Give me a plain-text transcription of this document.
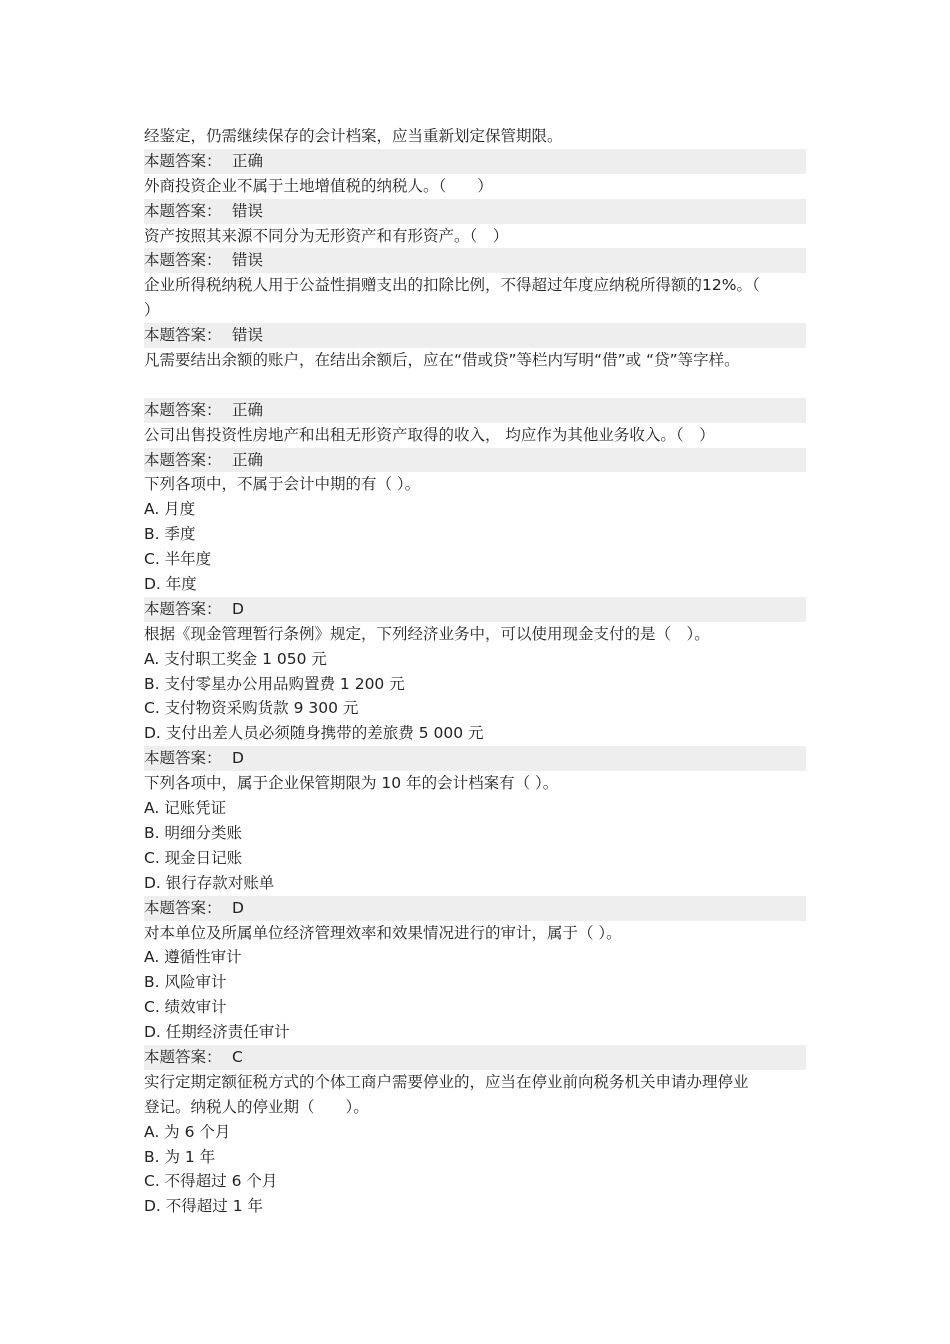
经鉴定，仍需继续保存的会计档案，应当重新划定保管期限。
本题答案： 正确
外商投资企业不属于土地增值税的纳税人。（　　）
本题答案： 错误
资产按照其来源不同分为无形资产和有形资产。（　）
本题答案： 错误
企业所得税纳税人用于公益性捐赠支出的扣除比例，不得超过年度应纳税所得额的12%。（
）
本题答案： 错误
凡需要结出余额的账户，在结出余额后，应在“借或贷”等栏内写明“借”或 “贷”等字样。
本题答案： 正确
公司出售投资性房地产和出租无形资产取得的收入， 均应作为其他业务收入。（　）
本题答案： 正确
下列各项中，不属于会计中期的有（ ）。
A. 月度
B. 季度
C. 半年度
D. 年度
本题答案： D
根据《现金管理暂行条例》规定，下列经济业务中，可以使用现金支付的是（　）。
A. 支付职工奖金 1 050 元
B. 支付零星办公用品购置费 1 200 元
C. 支付物资采购货款 9 300 元
D. 支付出差人员必须随身携带的差旅费 5 000 元
本题答案： D
下列各项中，属于企业保管期限为 10 年的会计档案有（ ）。
A. 记账凭证
B. 明细分类账
C. 现金日记账
D. 银行存款对账单
本题答案： D
对本单位及所属单位经济管理效率和效果情况进行的审计，属于（ ）。
A. 遵循性审计
B. 风险审计
C. 绩效审计
D. 任期经济责任审计
本题答案： C
实行定期定额征税方式的个体工商户需要停业的，应当在停业前向税务机关申请办理停业
登记。纳税人的停业期（　　）。
A. 为 6 个月
B. 为 1 年
C. 不得超过 6 个月
D. 不得超过 1 年
